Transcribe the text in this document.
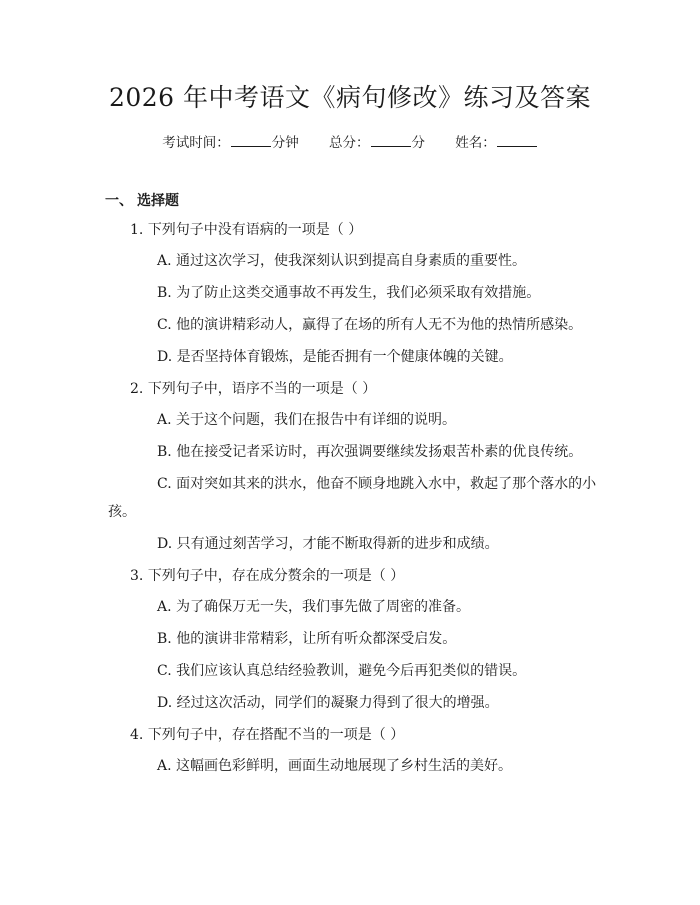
2026 年中考语文《病句修改》练习及答案
考试时间：	分钟 总分：	分 姓名：
一、 选择题
1. 下列句子中没有语病的一项是（ ）
A. 通过这次学习，使我深刻认识到提高自身素质的重要性。
B. 为了防止这类交通事故不再发生，我们必须采取有效措施。
C. 他的演讲精彩动人，赢得了在场的所有人无不为他的热情所感染。
D. 是否坚持体育锻炼，是能否拥有一个健康体魄的关键。
2. 下列句子中，语序不当的一项是（ ）
A. 关于这个问题，我们在报告中有详细的说明。
B. 他在接受记者采访时，再次强调要继续发扬艰苦朴素的优良传统。
C. 面对突如其来的洪水，他奋不顾身地跳入水中，救起了那个落水的小孩。
D. 只有通过刻苦学习，才能不断取得新的进步和成绩。
3. 下列句子中，存在成分赘余的一项是（ ）
A. 为了确保万无一失，我们事先做了周密的准备。
B. 他的演讲非常精彩，让所有听众都深受启发。
C. 我们应该认真总结经验教训，避免今后再犯类似的错误。
D. 经过这次活动，同学们的凝聚力得到了很大的增强。
4. 下列句子中，存在搭配不当的一项是（ ）
A. 这幅画色彩鲜明，画面生动地展现了乡村生活的美好。
